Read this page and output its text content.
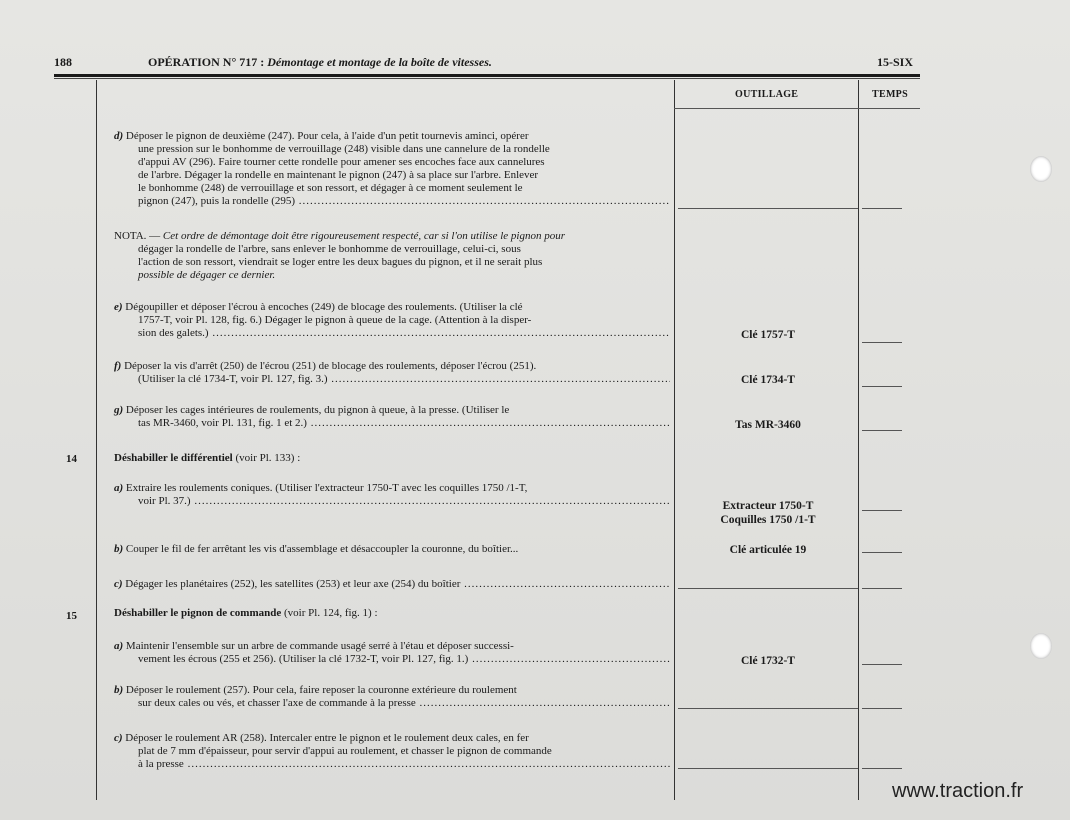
188	OPÉRATION N° 717 : Démontage et montage de la boîte de vitesses.	15-SIX
OUTILLAGE	TEMPS
d) Déposer le pignon de deuxième (247). Pour cela, à l'aide d'un petit tournevis aminci, opérer
une pression sur le bonhomme de verrouillage (248) visible dans une cannelure de la rondelle
d'appui AV (296). Faire tourner cette rondelle pour amener ses encoches face aux cannelures
de l'arbre. Dégager la rondelle en maintenant le pignon (247) à sa place sur l'arbre. Enlever
le bonhomme (248) de verrouillage et son ressort, et dégager à ce moment seulement le

pignon (247), puis la rondelle (295) .....
NOTA. — Cet ordre de démontage doit être rigoureusement respecté, car si l'on utilise le pignon pour
dégager la rondelle de l'arbre, sans enlever le bonhomme de verrouillage, celui-ci, sous
l'action de son ressort, viendrait se loger entre les deux bagues du pignon, et il ne serait plus
possible de dégager ce dernier.
e) Dégoupiller et déposer l'écrou à encoches (249) de blocage des roulements. (Utiliser la clé
1757-T, voir Pl. 128, fig. 6.) Dégager le pignon à queue de la cage. (Attention à la disper-

sion des galets.) .....	Clé 1757-T
f) Déposer la vis d'arrêt (250) de l'écrou (251) de blocage des roulements, déposer l'écrou (251).

(Utiliser la clé 1734-T, voir Pl. 127, fig. 3.) .....	Clé 1734-T
g) Déposer les cages intérieures de roulements, du pignon à queue, à la presse. (Utiliser le

tas MR-3460, voir Pl. 131, fig. 1 et 2.) .....	Tas MR-3460
14	Déshabiller le différentiel (voir Pl. 133) :
a) Extraire les roulements coniques. (Utiliser l'extracteur 1750-T avec les coquilles 1750 /1-T,

voir Pl. 37.) .....	Extracteur 1750-T
Coquilles 1750 /1-T
b) Couper le fil de fer arrêtant les vis d'assemblage et désaccoupler la couronne, du boîtier...	Clé articulée 19
c) Dégager les planétaires (252), les satellites (253) et leur axe (254) du boîtier .....
15	Déshabiller le pignon de commande (voir Pl. 124, fig. 1) :
a) Maintenir l'ensemble sur un arbre de commande usagé serré à l'étau et déposer successi-

vement les écrous (255 et 256). (Utiliser la clé 1732-T, voir Pl. 127, fig. 1.) .....	Clé 1732-T
b) Déposer le roulement (257). Pour cela, faire reposer la couronne extérieure du roulement

sur deux cales ou vés, et chasser l'axe de commande à la presse .....
c) Déposer le roulement AR (258). Intercaler entre le pignon et le roulement deux cales, en fer
plat de 7 mm d'épaisseur, pour servir d'appui au roulement, et chasser le pignon de commande

à la presse .....
www.traction.fr
